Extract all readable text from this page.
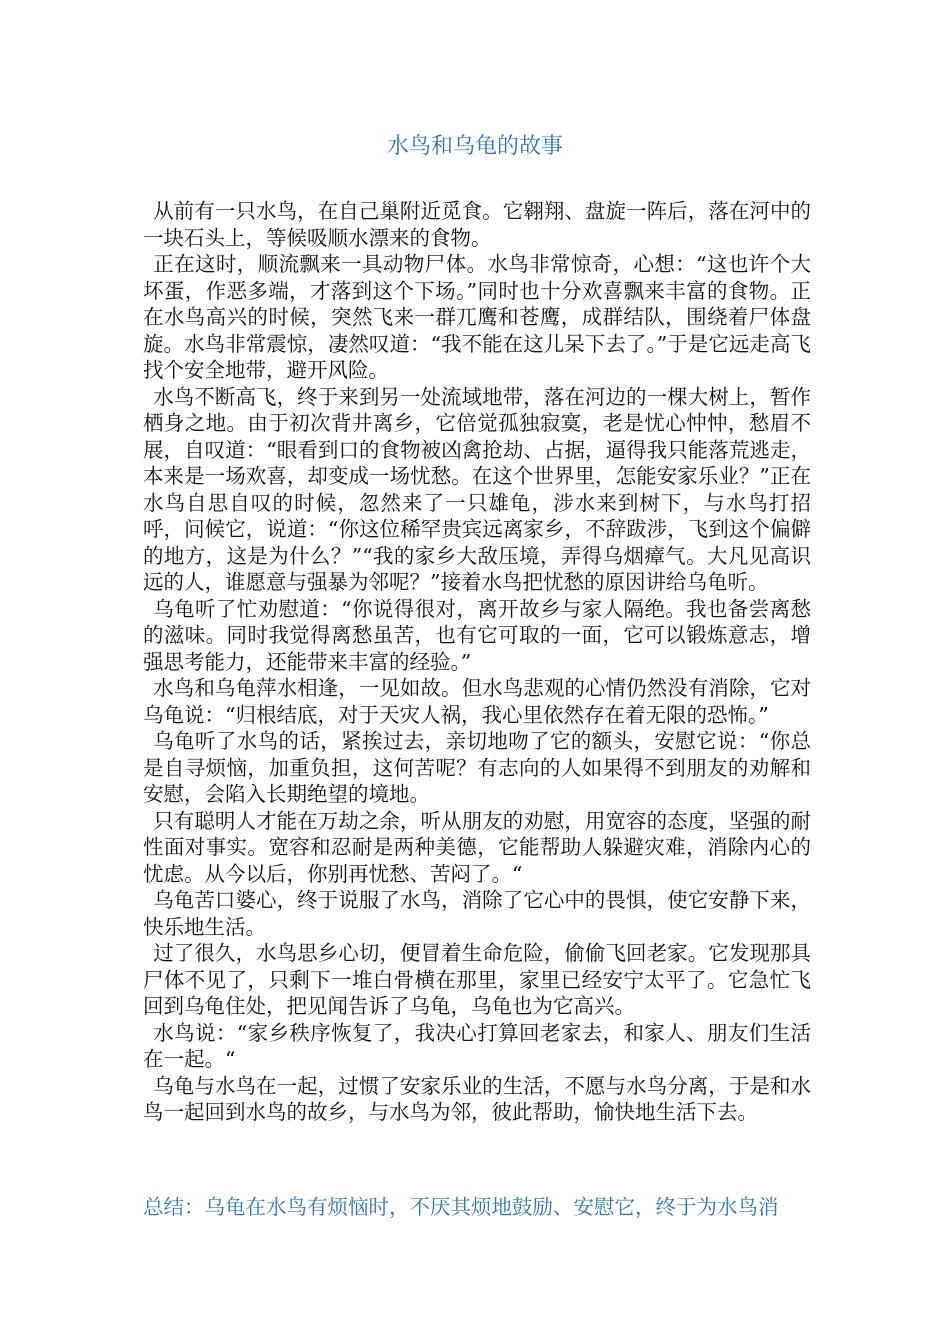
水鸟和乌龟的故事

从前有一只水鸟，在自己巢附近觅食。它翱翔、盘旋一阵后，落在河中的一块石头上，等候吸顺水漂来的食物。

正在这时，顺流飘来一具动物尸体。水鸟非常惊奇，心想：“这也许个大坏蛋，作恶多端，才落到这个下场。”同时也十分欢喜飘来丰富的食物。正在水鸟高兴的时候，突然飞来一群兀鹰和苍鹰，成群结队，围绕着尸体盘旋。水鸟非常震惊，凄然叹道：“我不能在这儿呆下去了。”于是它远走高飞找个安全地带，避开风险。

水鸟不断高飞，终于来到另一处流域地带，落在河边的一棵大树上，暂作栖身之地。由于初次背井离乡，它倍觉孤独寂寞，老是忧心忡忡，愁眉不展，自叹道：“眼看到口的食物被凶禽抢劫、占据，逼得我只能落荒逃走，本来是一场欢喜，却变成一场忧愁。在这个世界里，怎能安家乐业？”正在水鸟自思自叹的时候，忽然来了一只雄龟，涉水来到树下，与水鸟打招呼，问候它，说道：“你这位稀罕贵宾远离家乡，不辞跋涉，飞到这个偏僻的地方，这是为什么？”“我的家乡大敌压境，弄得乌烟瘴气。大凡见高识远的人，谁愿意与强暴为邻呢？”接着水鸟把忧愁的原因讲给乌龟听。

乌龟听了忙劝慰道：“你说得很对，离开故乡与家人隔绝。我也备尝离愁的滋味。同时我觉得离愁虽苦，也有它可取的一面，它可以锻炼意志，增强思考能力，还能带来丰富的经验。”

水鸟和乌龟萍水相逢，一见如故。但水鸟悲观的心情仍然没有消除，它对乌龟说：“归根结底，对于天灾人祸，我心里依然存在着无限的恐怖。”

乌龟听了水鸟的话，紧挨过去，亲切地吻了它的额头，安慰它说：“你总是自寻烦恼，加重负担，这何苦呢？有志向的人如果得不到朋友的劝解和安慰，会陷入长期绝望的境地。

只有聪明人才能在万劫之余，听从朋友的劝慰，用宽容的态度，坚强的耐性面对事实。宽容和忍耐是两种美德，它能帮助人躲避灾难，消除内心的忧虑。从今以后，你别再忧愁、苦闷了。“

乌龟苦口婆心，终于说服了水鸟，消除了它心中的畏惧，使它安静下来，快乐地生活。

过了很久，水鸟思乡心切，便冒着生命危险，偷偷飞回老家。它发现那具尸体不见了，只剩下一堆白骨横在那里，家里已经安宁太平了。它急忙飞回到乌龟住处，把见闻告诉了乌龟，乌龟也为它高兴。

水鸟说：“家乡秩序恢复了，我决心打算回老家去，和家人、朋友们生活在一起。“

乌龟与水鸟在一起，过惯了安家乐业的生活，不愿与水鸟分离，于是和水鸟一起回到水鸟的故乡，与水鸟为邻，彼此帮助，愉快地生活下去。

总结：乌龟在水鸟有烦恼时，不厌其烦地鼓励、安慰它，终于为水鸟消
